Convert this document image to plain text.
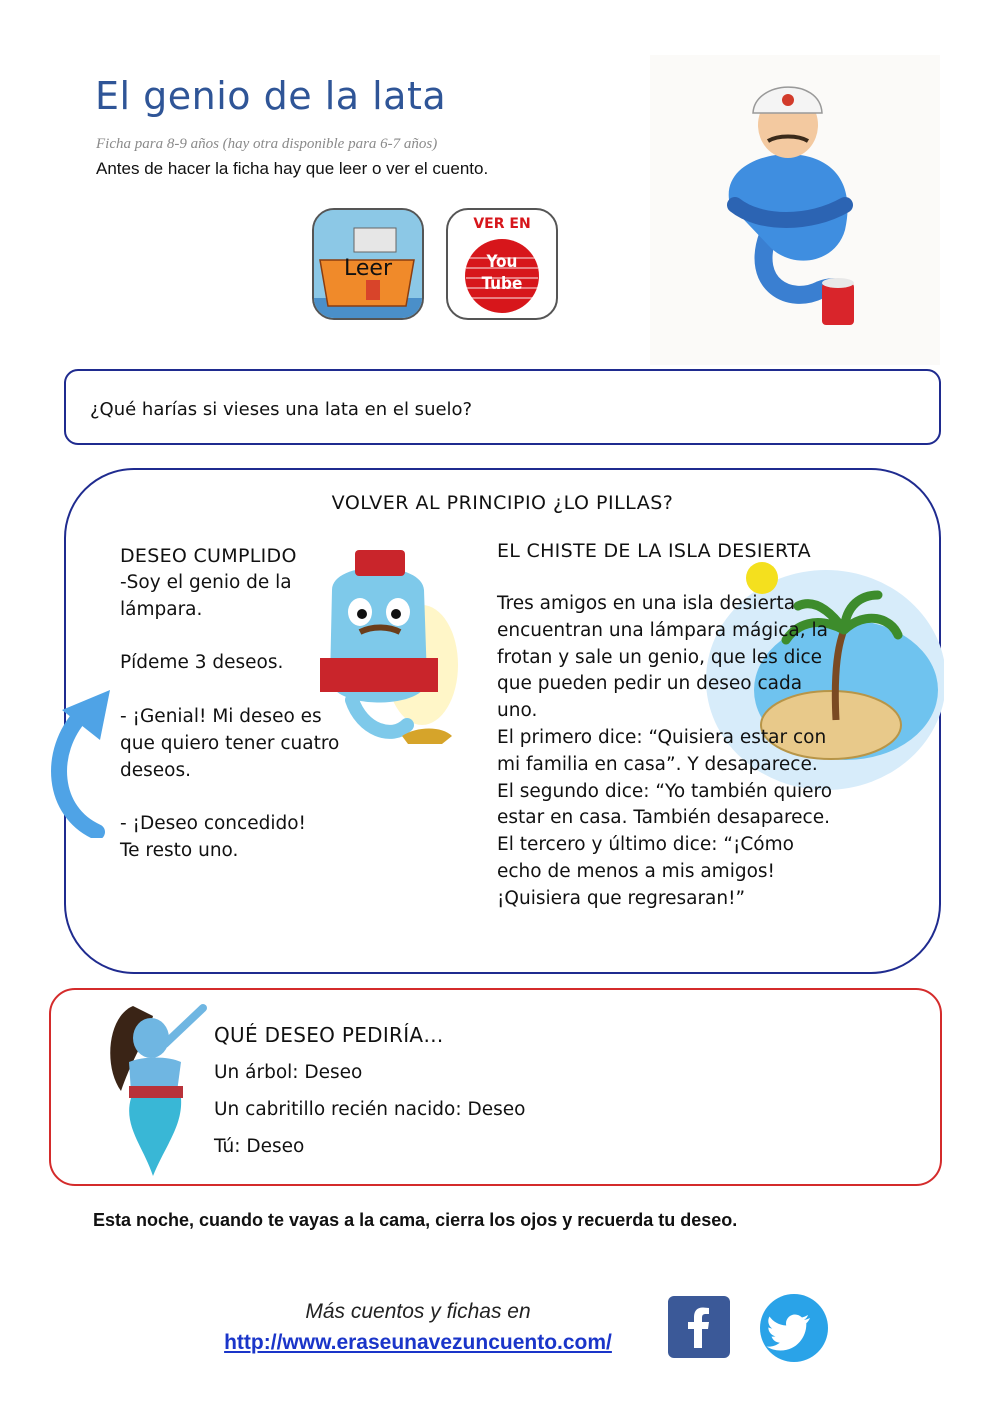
El genio de la lata
Ficha para 8-9 años (hay otra disponible para 6-7 años)
Antes de hacer la ficha hay que leer o ver el cuento.
Leer
VER EN
You
Tube
¿Qué harías si vieses una lata en el suelo?
VOLVER AL PRINCIPIO ¿LO PILLAS?
DESEO CUMPLIDO
-Soy el genio de la
lámpara.

Pídeme 3 deseos.

- ¡Genial! Mi deseo es
que quiero tener cuatro
deseos.

- ¡Deseo concedido!
Te resto uno.
EL CHISTE DE LA ISLA DESIERTA
Tres amigos en una isla desierta
encuentran una lámpara mágica, la
frotan y sale un genio, que les dice
que pueden pedir un deseo cada
uno.
El primero dice: “Quisiera estar con
mi familia en casa”. Y desaparece.
El segundo dice: “Yo también quiero
estar en casa. También desaparece.
El tercero y último dice: “¡Cómo
echo de menos a mis amigos!
¡Quisiera que regresaran!”
QUÉ DESEO PEDIRÍA…
Un árbol: Deseo
Un cabritillo recién nacido: Deseo
Tú: Deseo
Esta noche, cuando te vayas a la cama, cierra los ojos y recuerda tu deseo.
Más cuentos y fichas en
http://www.eraseunavezuncuento.com/
